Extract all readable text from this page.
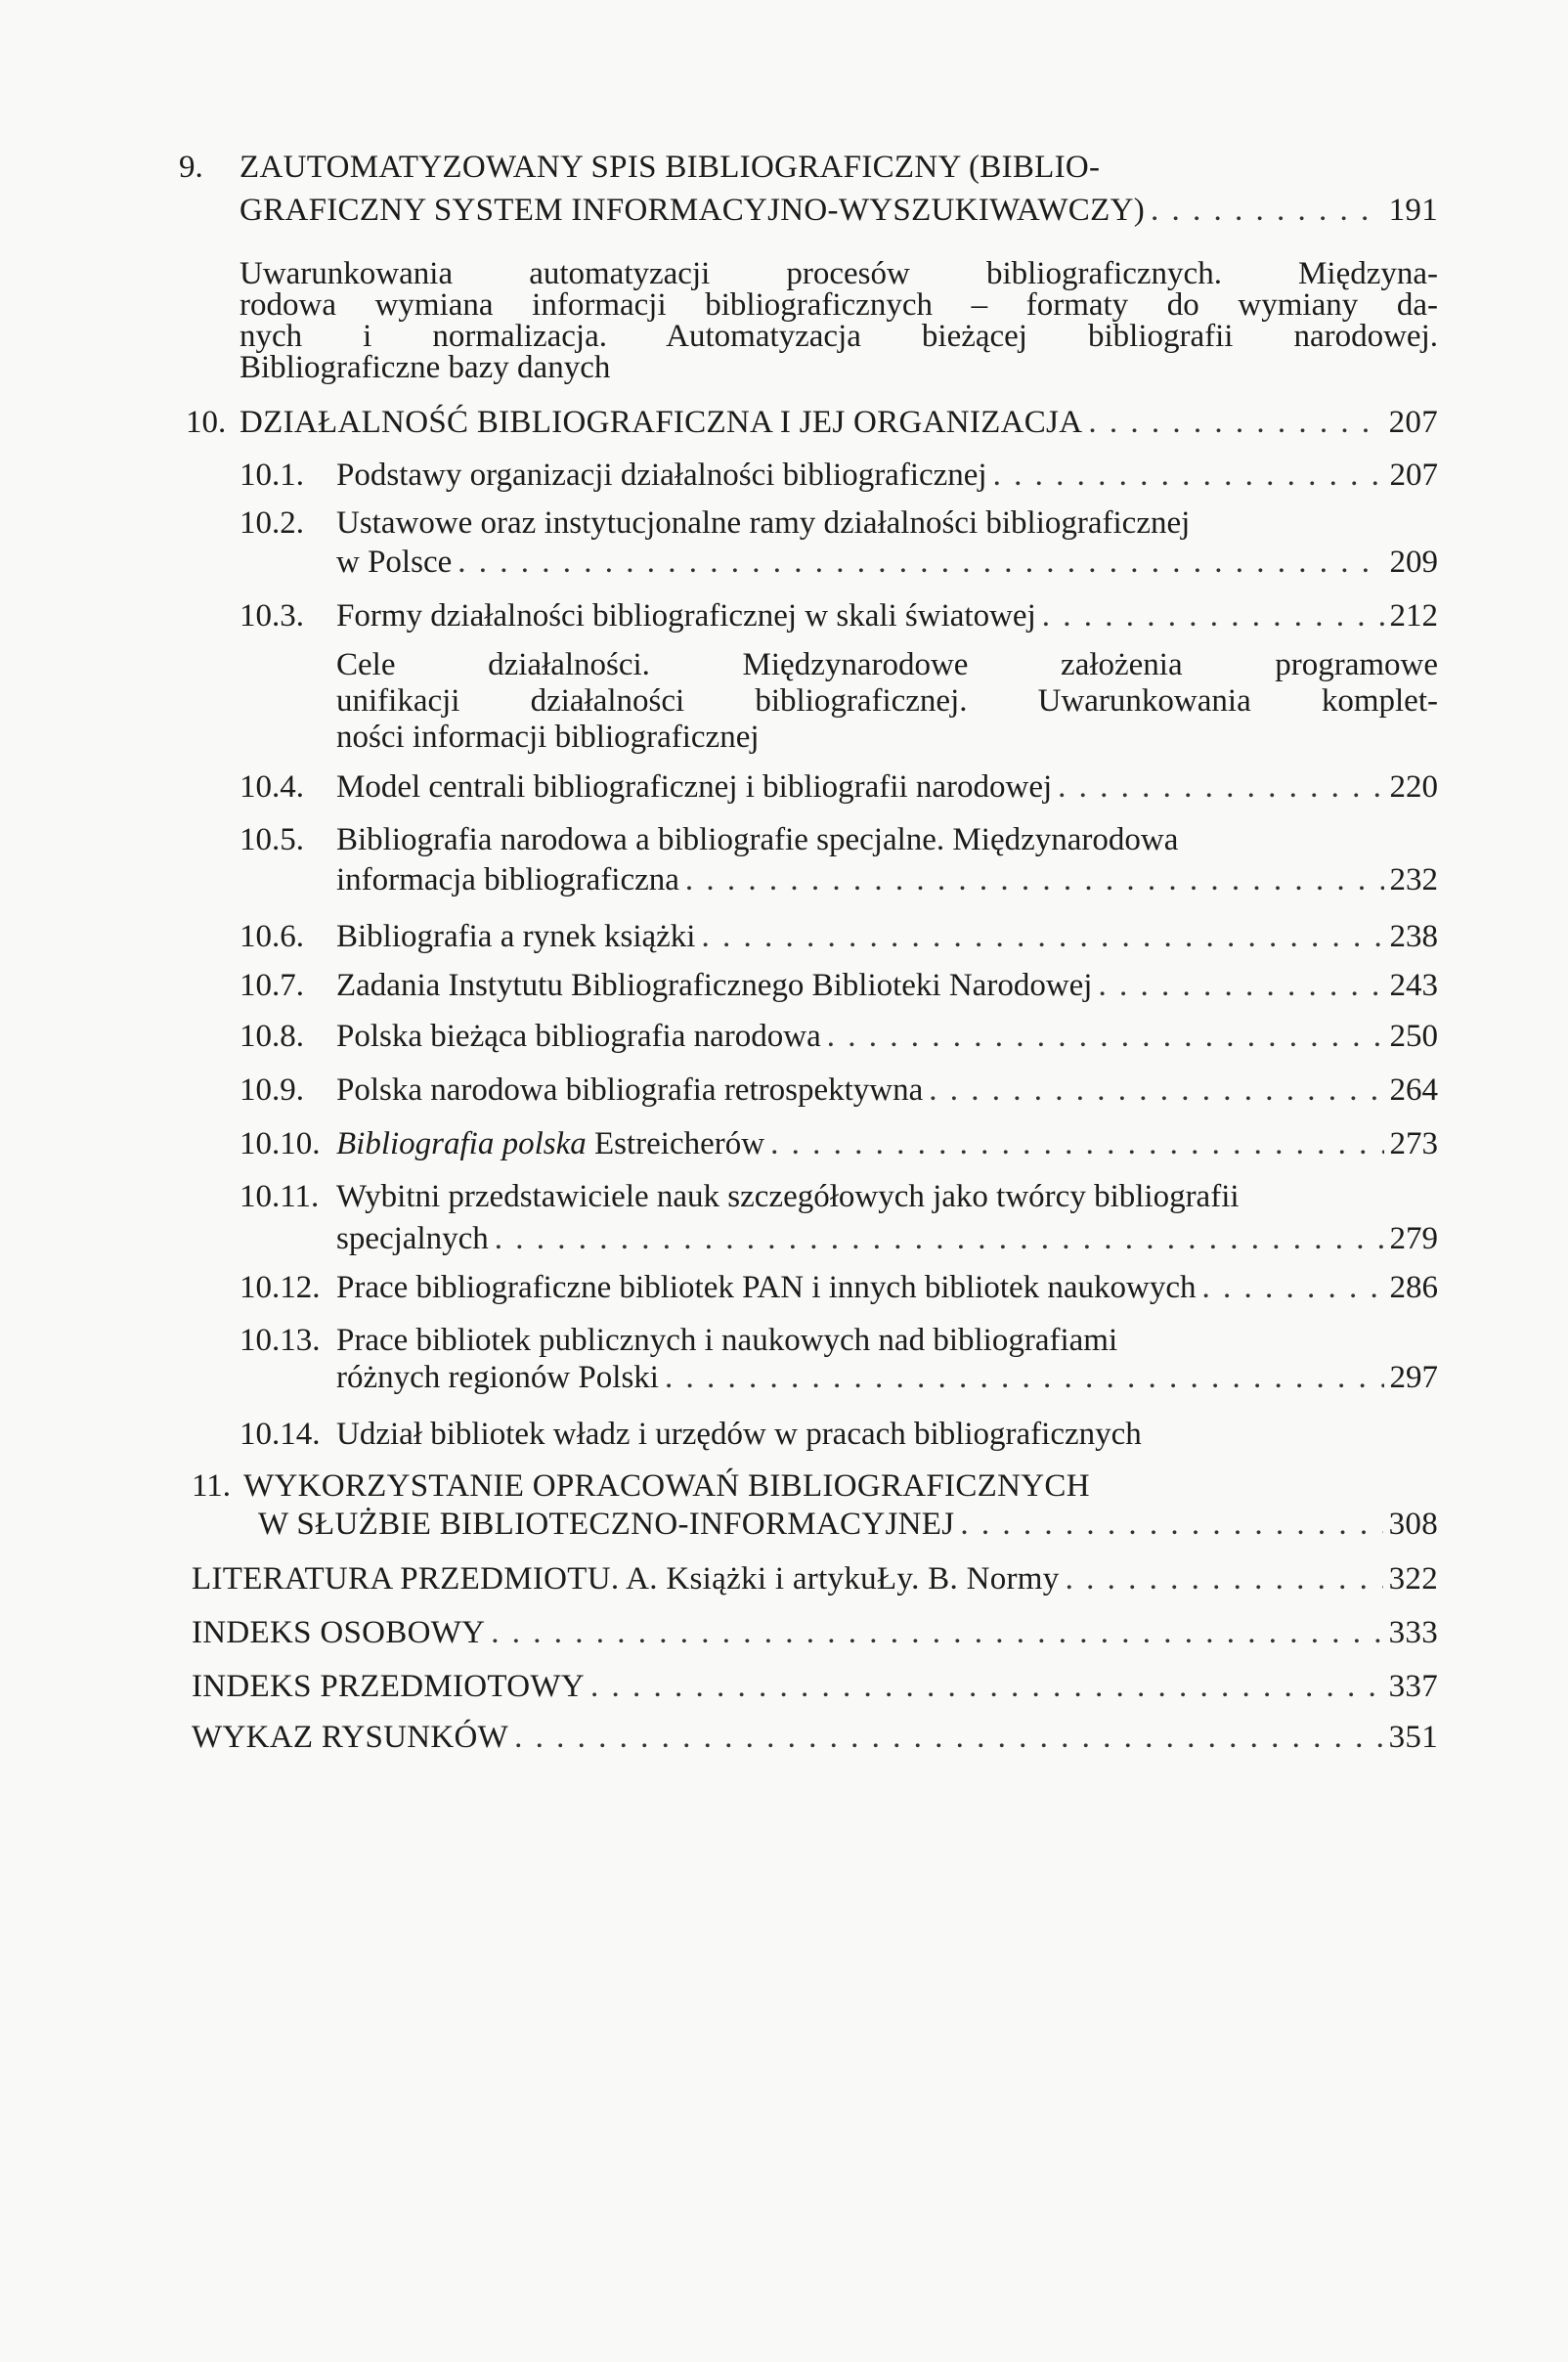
9. ZAUTOMATYZOWANY SPIS BIBLIOGRAFICZNY (BIBLIO-
GRAFICZNY SYSTEM INFORMACYJNO-WYSZUKIWAWCZY) . . .	191
Uwarunkowania automatyzacji procesów bibliograficznych. Międzyna-
rodowa wymiana informacji bibliograficznych – formaty do wymiany da-
nych i normalizacja. Automatyzacja bieżącej bibliografii narodowej.
Bibliograficzne bazy danych
10. DZIAŁALNOŚĆ BIBLIOGRAFICZNA I JEJ ORGANIZACJA . . .	207
10.1. Podstawy organizacji działalności bibliograficznej . . .	207
10.2. Ustawowe oraz instytucjonalne ramy działalności bibliograficznej
w Polsce . . .	209
10.3. Formy działalności bibliograficznej w skali światowej . . .	212
Cele działalności. Międzynarodowe założenia programowe
unifikacji działalności bibliograficznej. Uwarunkowania komplet-
ności informacji bibliograficznej
10.4. Model centrali bibliograficznej i bibliografii narodowej . . .	220
10.5. Bibliografia narodowa a bibliografie specjalne. Międzynarodowa
informacja bibliograficzna . . .	232
10.6. Bibliografia a rynek książki . . .	238
10.7. Zadania Instytutu Bibliograficznego Biblioteki Narodowej . . .	243
10.8. Polska bieżąca bibliografia narodowa . . .	250
10.9. Polska narodowa bibliografia retrospektywna . . .	264
10.10. Bibliografia polska Estreicherów . . .	273
10.11. Wybitni przedstawiciele nauk szczegółowych jako twórcy bibliografii
specjalnych . . .	279
10.12. Prace bibliograficzne bibliotek PAN i innych bibliotek naukowych . . .	286
10.13. Prace bibliotek publicznych i naukowych nad bibliografiami
różnych regionów Polski . . .	297
10.14. Udział bibliotek władz i urzędów w pracach bibliograficznych
11. WYKORZYSTANIE OPRACOWAŃ BIBLIOGRAFICZNYCH
W SŁUŻBIE BIBLIOTECZNO-INFORMACYJNEJ . . .	308
LITERATURA PRZEDMIOTU. A. Książki i artykuŁy. B. Normy . . .	322
INDEKS OSOBOWY . . .	333
INDEKS PRZEDMIOTOWY . . .	337
WYKAZ RYSUNKÓW . . .	351
